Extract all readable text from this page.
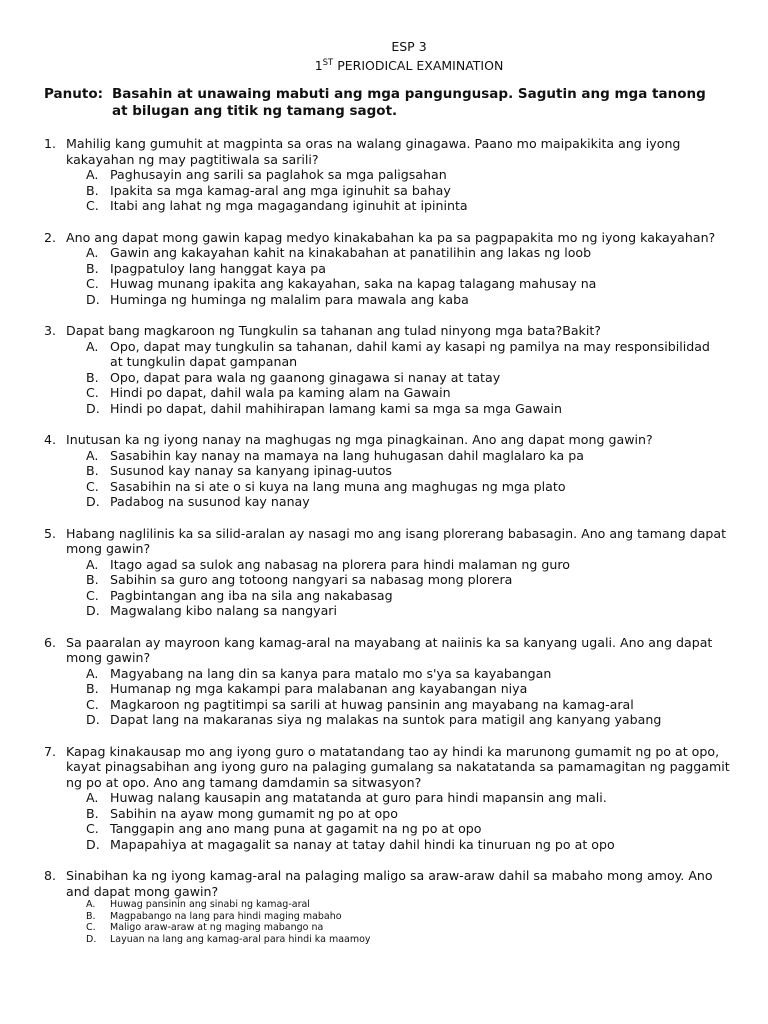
ESP 3
1ST PERIODICAL EXAMINATION
Panuto: Basahin at unawaing mabuti ang mga pangungusap. Sagutin ang mga tanong at bilugan ang titik ng tamang sagot.
1. Mahilig kang gumuhit at magpinta sa oras na walang ginagawa. Paano mo maipakikita ang iyong kakayahan ng may pagtitiwala sa sarili?
A. Paghusayin ang sarili sa paglahok sa mga paligsahan
B. Ipakita sa mga kamag-aral ang mga iginuhit sa bahay
C. Itabi ang lahat ng mga magagandang iginuhit at ipininta
2. Ano ang dapat mong gawin kapag medyo kinakabahan ka pa sa pagpapakita mo ng iyong kakayahan?
A. Gawin ang kakayahan kahit na kinakabahan at panatilihin ang lakas ng loob
B. Ipagpatuloy lang hanggat kaya pa
C. Huwag munang ipakita ang kakayahan, saka na kapag talagang mahusay na
D. Huminga ng huminga ng malalim para mawala ang kaba
3. Dapat bang magkaroon ng Tungkulin sa tahanan ang tulad ninyong mga bata?Bakit?
A. Opo, dapat may tungkulin sa tahanan, dahil kami ay kasapi ng pamilya na may responsibilidad at tungkulin dapat gampanan
B. Opo, dapat para wala ng gaanong ginagawa si nanay at tatay
C. Hindi po dapat, dahil wala pa kaming alam na Gawain
D. Hindi po dapat, dahil mahihirapan lamang kami sa mga sa mga Gawain
4. Inutusan ka ng iyong nanay na maghugas ng mga pinagkainan. Ano ang dapat mong gawin?
A. Sasabihin kay nanay na mamaya na lang huhugasan dahil maglalaro ka pa
B. Susunod kay nanay sa kanyang ipinag-uutos
C. Sasabihin na si ate o si kuya na lang muna ang maghugas ng mga plato
D. Padabog na susunod kay nanay
5. Habang naglilinis ka sa silid-aralan ay nasagi mo ang isang plorerang babasagin. Ano ang tamang dapat mong gawin?
A. Itago agad sa sulok ang nabasag na plorera para hindi malaman ng guro
B. Sabihin sa guro ang totoong nangyari sa nabasag mong plorera
C. Pagbintangan ang iba na sila ang nakabasag
D. Magwalang kibo nalang sa nangyari
6. Sa paaralan ay mayroon kang kamag-aral na mayabang at naiinis ka sa kanyang ugali. Ano ang dapat mong gawin?
A. Magyabang na lang din sa kanya para matalo mo s'ya sa kayabangan
B. Humanap ng mga kakampi para malabanan ang kayabangan niya
C. Magkaroon ng pagtitimpi sa sarili at huwag pansinin ang mayabang na kamag-aral
D. Dapat lang na makaranas siya ng malakas na suntok para matigil ang kanyang yabang
7. Kapag kinakausap mo ang iyong guro o matatandang tao ay hindi ka marunong gumamit ng po at opo, kayat pinagsabihan ang iyong guro na palaging gumalang sa nakatatanda sa pamamagitan ng paggamit ng po at opo. Ano ang tamang damdamin sa sitwasyon?
A. Huwag nalang kausapin ang matatanda at guro para hindi mapansin ang mali.
B. Sabihin na ayaw mong gumamit ng po at opo
C. Tanggapin ang ano mang puna at gagamit na ng po at opo
D. Mapapahiya at magagalit sa nanay at tatay dahil hindi ka tinuruan ng po at opo
8. Sinabihan ka ng iyong kamag-aral na palaging maligo sa araw-araw dahil sa mabaho mong amoy. Ano and dapat mong gawin?
A.	Huwag pansinin ang sinabi ng kamag-aral
B.	Magpabango na lang para hindi maging mabaho
C.	Maligo araw-araw at ng maging mabango na
D.	Layuan na lang ang kamag-aral para hindi ka maamoy
